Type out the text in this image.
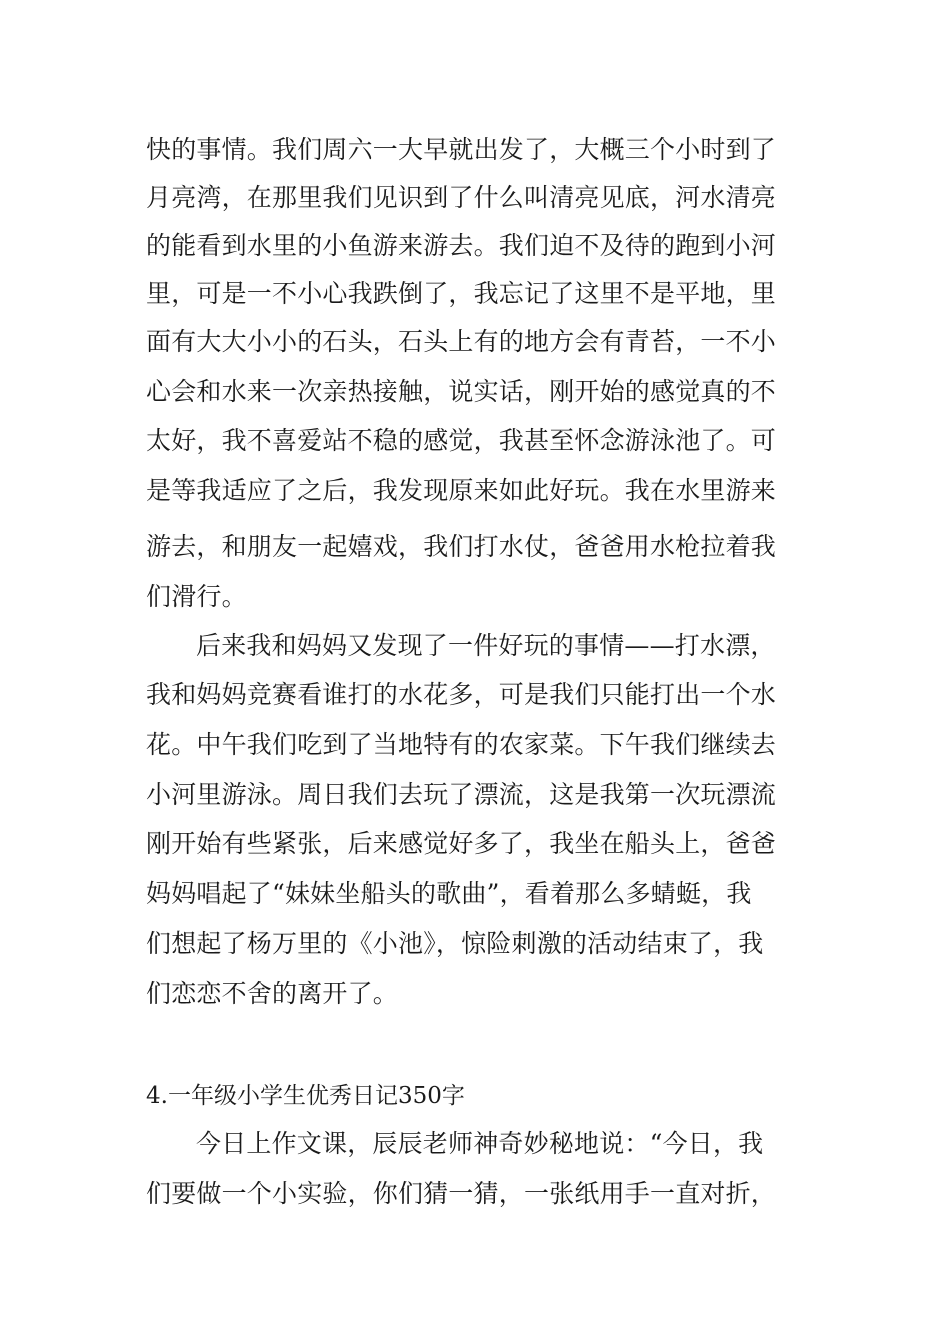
快的事情。我们周六一大早就出发了，大概三个小时到了
月亮湾，在那里我们见识到了什么叫清亮见底，河水清亮
的能看到水里的小鱼游来游去。我们迫不及待的跑到小河
里，可是一不小心我跌倒了，我忘记了这里不是平地，里
面有大大小小的石头，石头上有的地方会有青苔，一不小
心会和水来一次亲热接触，说实话，刚开始的感觉真的不
太好，我不喜爱站不稳的感觉，我甚至怀念游泳池了。可
是等我适应了之后，我发现原来如此好玩。我在水里游来
游去，和朋友一起嬉戏，我们打水仗，爸爸用水枪拉着我
们滑行。
后来我和妈妈又发现了一件好玩的事情——打水漂，
我和妈妈竞赛看谁打的水花多，可是我们只能打出一个水
花。中午我们吃到了当地特有的农家菜。下午我们继续去
小河里游泳。周日我们去玩了漂流，这是我第一次玩漂流
刚开始有些紧张，后来感觉好多了，我坐在船头上，爸爸
妈妈唱起了“妹妹坐船头的歌曲”，看着那么多蜻蜓，我
们想起了杨万里的《小池》，惊险刺激的活动结束了，我
们恋恋不舍的离开了。
4.一年级小学生优秀日记350字
今日上作文课，辰辰老师神奇妙秘地说：“今日，我
们要做一个小实验，你们猜一猜，一张纸用手一直对折，
